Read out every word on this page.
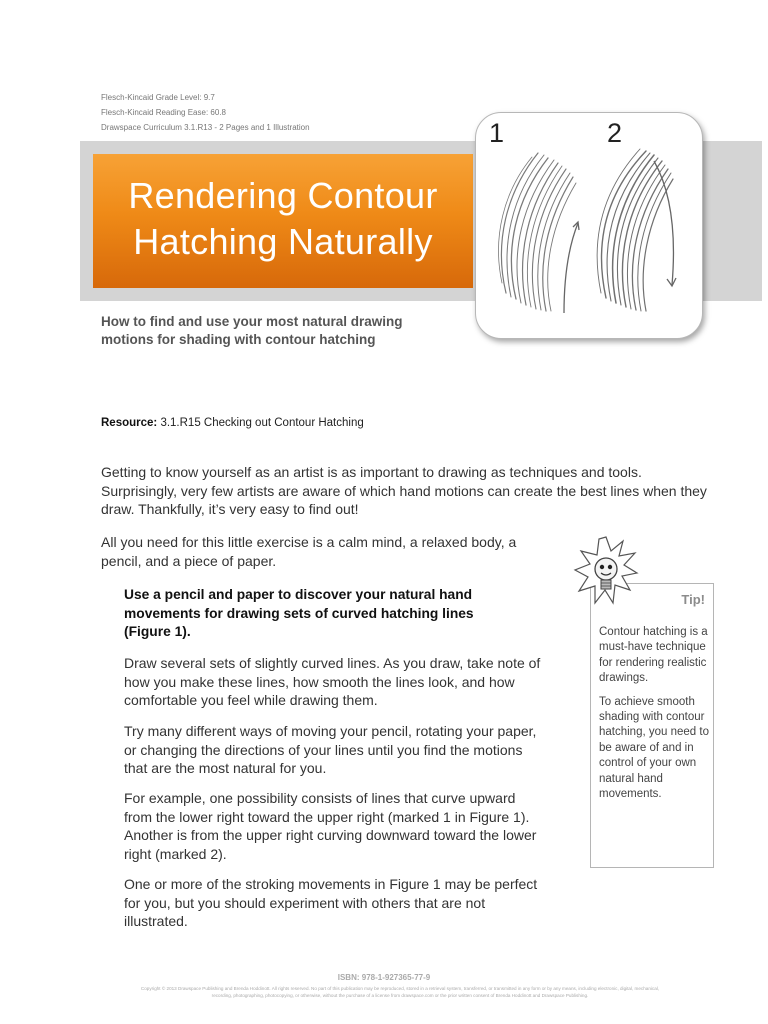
Flesch-Kincaid Grade Level: 9.7
Flesch-Kincaid Reading Ease: 60.8
Drawspace Curriculum 3.1.R13 - 2 Pages and 1 Illustration
Rendering Contour
Hatching Naturally
1	2
How to find and use your most natural drawing motions for shading with contour hatching
Resource: 3.1.R15 Checking out Contour Hatching
Getting to know yourself as an artist is as important to drawing as techniques and tools. Surprisingly, very few artists are aware of which hand motions can create the best lines when they draw. Thankfully, it’s very easy to find out!
All you need for this little exercise is a calm mind, a relaxed body, a pencil, and a piece of paper.
Use a pencil and paper to discover your natural hand movements for drawing sets of curved hatching lines (Figure 1).
Draw several sets of slightly curved lines. As you draw, take note of how you make these lines, how smooth the lines look, and how comfortable you feel while drawing them.
Try many different ways of moving your pencil, rotating your paper, or changing the directions of your lines until you find the motions that are the most natural for you.
For example, one possibility consists of lines that curve upward from the lower right toward the upper right (marked 1 in Figure 1). Another is from the upper right curving downward toward the lower right (marked 2).
One or more of the stroking movements in Figure 1 may be perfect for you, but you should experiment with others that are not illustrated.
Tip!

Contour hatching is a must-have technique for rendering realistic drawings.

To achieve smooth shading with contour hatching, you need to be aware of and in control of your own natural hand movements.

ISBN: 978-1-927365-77-9
Copyright © 2013 Drawspace Publishing and Brenda Hoddinott. All rights reserved. No part of this publication may be reproduced, stored in a retrieval system, transferred, or transmitted in any form or by any means, including electronic, digital, mechanical, recording, photographing, photocopying, or otherwise, without the purchase of a license from drawspace.com or the prior written consent of Brenda Hoddinott and Drawspace Publishing.
